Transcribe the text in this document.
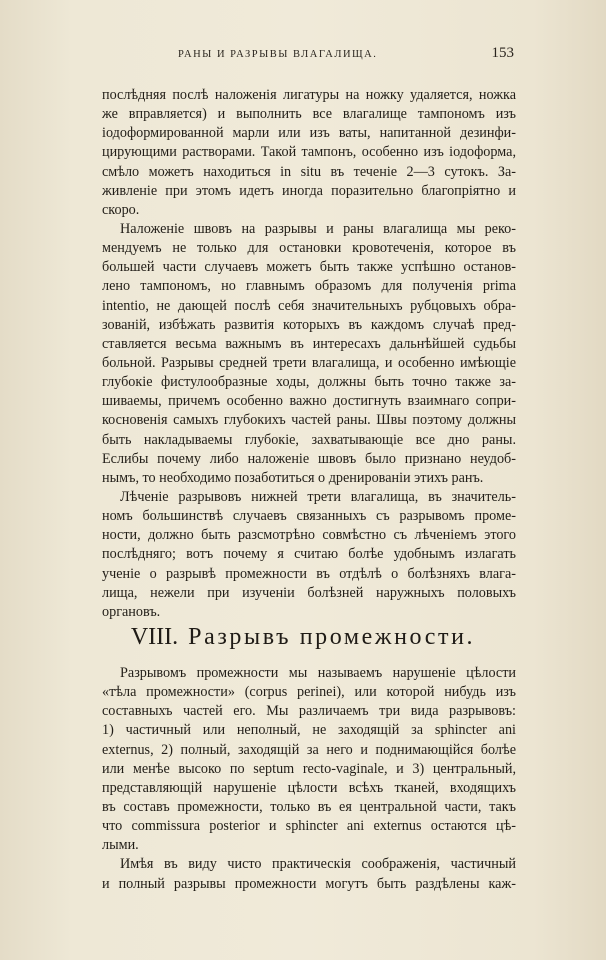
РАНЫ И РАЗРЫВЫ ВЛАГАЛИЩА.	153

послѣдняя послѣ наложенія лигатуры на ножку удаляется, ножка
же вправляется) и выполнить все влагалище тампономъ изъ
іодоформированной марли или изъ ваты, напитанной дезинфи-
цирующими растворами. Такой тампонъ, особенно изъ іодоформа,
смѣло можетъ находиться in situ въ теченіе 2—3 сутокъ. За-
живленіе при этомъ идетъ иногда поразительно благопріятно и
скоро.

Наложеніе швовъ на разрывы и раны влагалища мы реко-
мендуемъ не только для остановки кровотеченія, которое въ
большей части случаевъ можетъ быть также успѣшно останов-
лено тампономъ, но главнымъ образомъ для полученія prima
intentio, не дающей послѣ себя значительныхъ рубцовыхъ обра-
зованій, избѣжать развитія которыхъ въ каждомъ случаѣ пред-
ставляется весьма важнымъ въ интересахъ дальнѣйшей судьбы
больной. Разрывы средней трети влагалища, и особенно имѣющіе
глубокіе фистулообразные ходы, должны быть точно также за-
шиваемы, причемъ особенно важно достигнуть взаимнаго сопри-
косновенія самыхъ глубокихъ частей раны. Швы поэтому должны
быть накладываемы глубокіе, захватывающіе все дно раны.
Еслибы почему либо наложеніе швовъ было признано неудоб-
нымъ, то необходимо позаботиться о дренированіи этихъ ранъ.

Лѣченіе разрывовъ нижней трети влагалища, въ значитель-
номъ большинствѣ случаевъ связанныхъ съ разрывомъ проме-
ности, должно быть разсмотрѣно совмѣстно съ лѣченіемъ этого
послѣдняго; вотъ почему я считаю болѣе удобнымъ излагать
ученіе о разрывѣ промежности въ отдѣлѣ о болѣзняхъ влага-
лища, нежели при изученіи болѣзней наружныхъ половыхъ
органовъ.

VIII. Разрывъ промежности.

Разрывомъ промежности мы называемъ нарушеніе цѣлости
«тѣла промежности» (corpus perinei), или которой нибудь изъ
составныхъ частей его. Мы различаемъ три вида разрывовъ:
1) частичный или неполный, не заходящій за sphincter ani
externus, 2) полный, заходящій за него и поднимающійся болѣе
или менѣе высоко по septum recto-vaginale, и 3) центральный,
представляющій нарушеніе цѣлости всѣхъ тканей, входящихъ
въ составъ промежности, только въ ея центральной части, такъ
что commissura posterior и sphincter ani externus остаются цѣ-
лыми.

Имѣя въ виду чисто практическія соображенія, частичный
и полный разрывы промежности могутъ быть раздѣлены каж-
